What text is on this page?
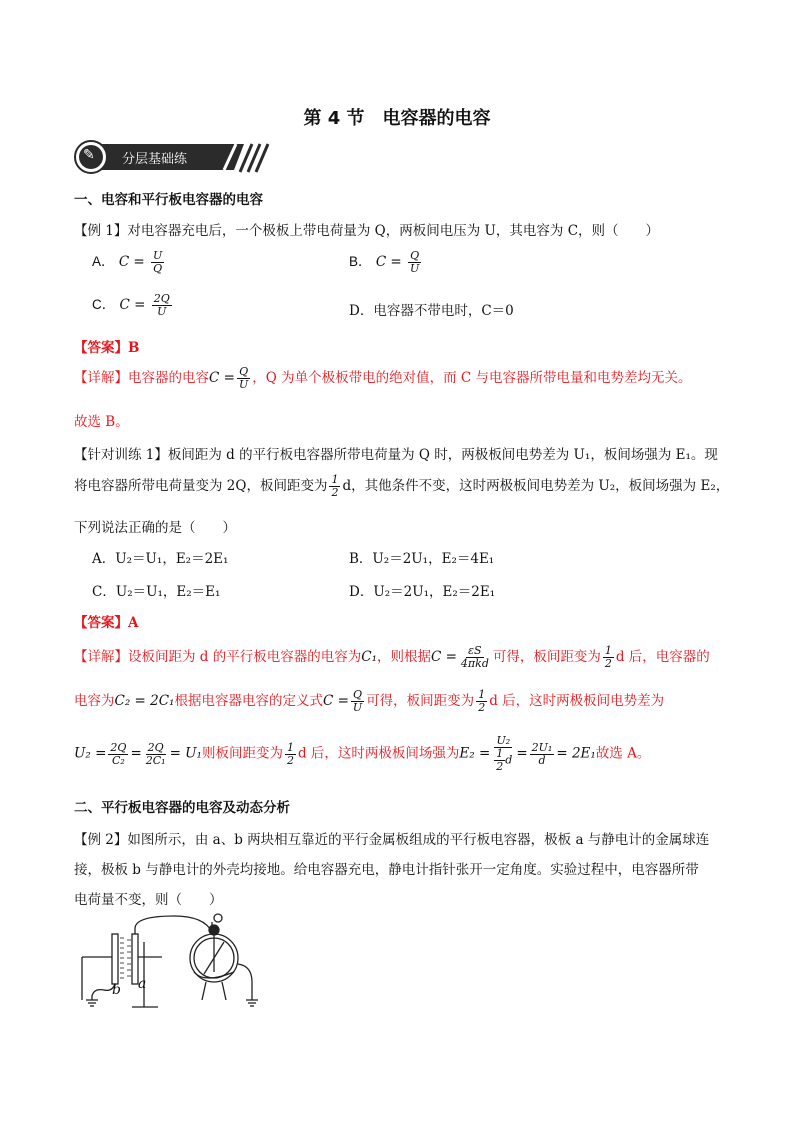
第 4 节　电容器的电容
✎ 分层基础练
一、电容和平行板电容器的电容
【例 1】对电容器充电后，一个极板上带电荷量为 Q，两板间电压为 U，其电容为 C，则（　　）
A． $C = \frac{U}{Q}$	B． $C = \frac{Q}{U}$
C． $C = \frac{2Q}{U}$	D．电容器不带电时，C＝0
【答案】B
【详解】电容器的电容$C = \frac{Q}{U}$ ，Q 为单个极板带电的绝对值，而 C 与电容器所带电量和电势差均无关。
故选 B。
【针对训练 1】板间距为 d 的平行板电容器所带电荷量为 Q 时，两极板间电势差为 U₁，板间场强为 E₁。现
将电容器所带电荷量变为 2Q，板间距变为 $\frac{1}{2}$ d，其他条件不变，这时两极板间电势差为 U₂，板间场强为 E₂，
下列说法正确的是（　　）
A．U₂＝U₁，E₂＝2E₁	B．U₂＝2U₁，E₂＝4E₁
C．U₂＝U₁，E₂＝E₁	D．U₂＝2U₁，E₂＝2E₁
【答案】A
【详解】设板间距为 d 的平行板电容器的电容为C₁，则根据$C = \frac{\varepsilon S}{\text{4πkd}}$ 可得，板间距变为 $\frac{1}{2}$ d 后，电容器的
电容为C₂ = 2C₁根据电容器电容的定义式$C = \frac{Q}{U}$ 可得，板间距变为 $\frac{1}{2}$ d 后，这时两极板间电势差为
$U_2 = \frac{2Q}{\text{C₂}} = \frac{2Q}{\text{2C₁}} = U_1$则板间距变为 $\frac{1}{2}$ d 后，这时两极板间场强为$E_2 = \frac{\text{U₂}}{\frac{1}{2} d} = \frac{\text{2U₁}}{d} = 2E_1$故选 A。
二、平行板电容器的电容及动态分析
【例 2】如图所示，由 a、b 两块相互靠近的平行金属板组成的平行板电容器，极板 a 与静电计的金属球连
接，极板 b 与静电计的外壳均接地。给电容器充电，静电计指针张开一定角度。实验过程中，电容器所带
电荷量不变，则（　　）
b a
